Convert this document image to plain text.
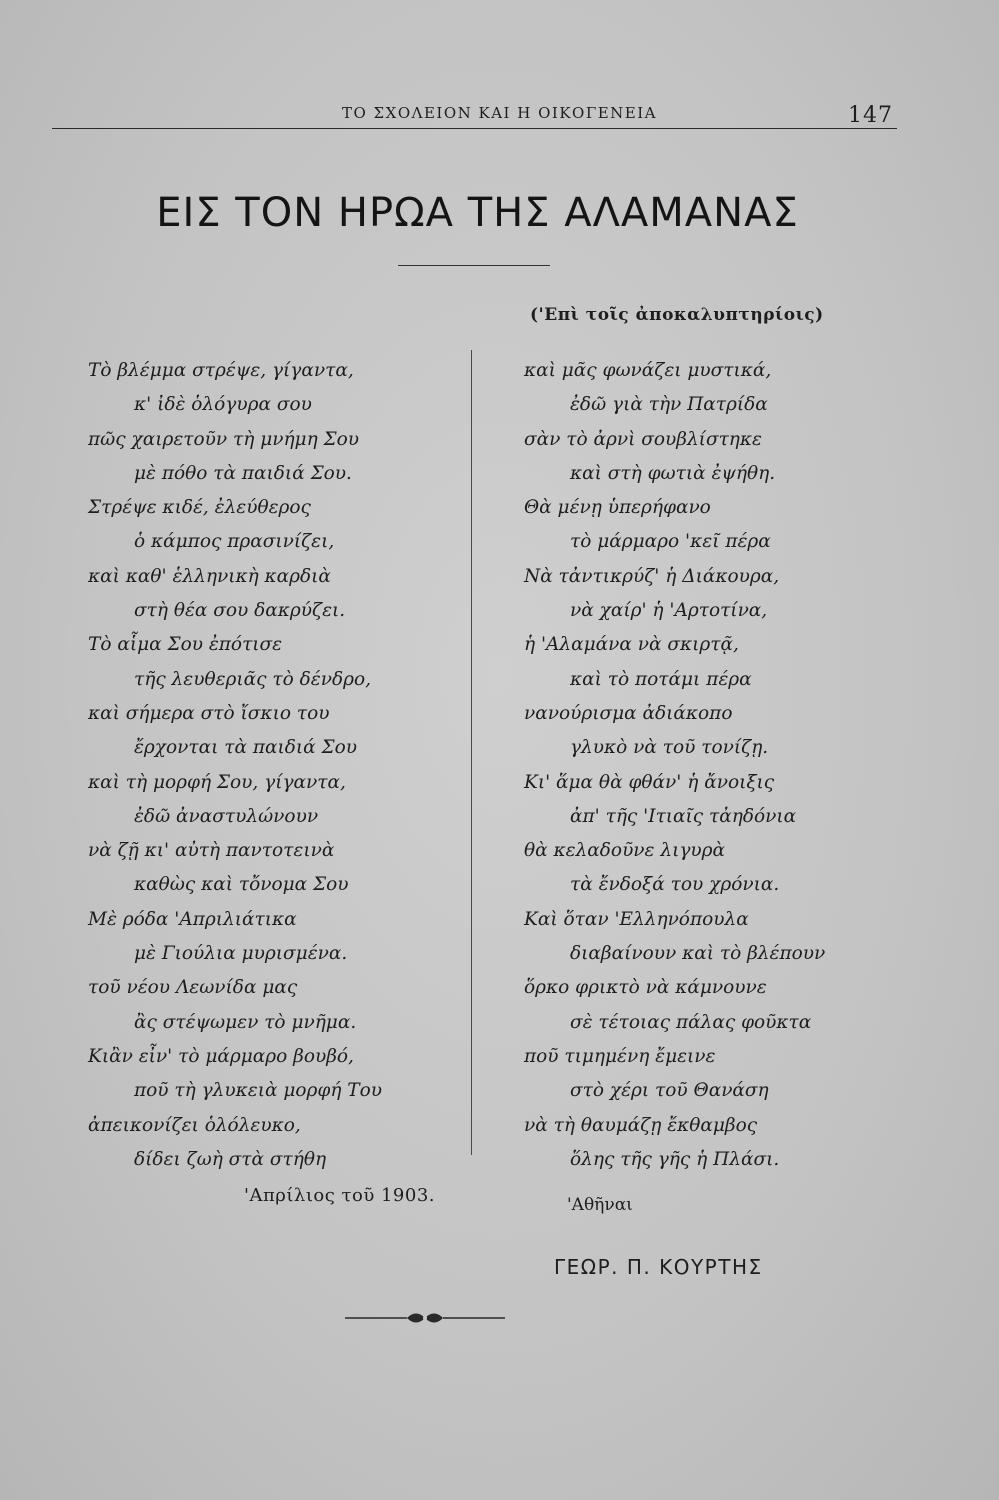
ΤΟ ΣΧΟΛΕΙΟΝ ΚΑΙ Η ΟΙΚΟΓΕΝΕΙΑ	147
ΕΙΣ ΤΟΝ ΗΡΩΑ ΤΗΣ ΑΛΑΜΑΝΑΣ
('Επὶ τοῖς ἀποκαλυπτηρίοις)
Τὸ βλέμμα στρέψε, γίγαντα,
κ' ἰδὲ ὁλόγυρα σου
πῶς χαιρετοῦν τὴ μνήμη Σου
μὲ πόθο τὰ παιδιά Σου.
Στρέψε κιδέ, ἐλεύθερος
ὁ κάμπος πρασινίζει,
καὶ καθ' ἑλληνικὴ καρδιὰ
στὴ θέα σου δακρύζει.
Τὸ αἷμα Σου ἐπότισε
τῆς λευθεριᾶς τὸ δένδρο,
καὶ σήμερα στὸ ἴσκιο του
ἔρχονται τὰ παιδιά Σου
καὶ τὴ μορφή Σου, γίγαντα,
ἐδῶ ἀναστυλώνουν
νὰ ζῇ κι' αὐτὴ παντοτεινὰ
καθὼς καὶ τὄνομα Σου
Μὲ ρόδα 'Απριλιάτικα
μὲ Γιούλια μυρισμένα.
τοῦ νέου Λεωνίδα μας
ἂς στέψωμεν τὸ μνῆμα.
Κιἂν εἶν' τὸ μάρμαρο βουβό,
ποῦ τὴ γλυκειὰ μορφή Του
ἀπεικονίζει ὁλόλευκο,
δίδει ζωὴ στὰ στήθη
καὶ μᾶς φωνάζει μυστικά,
ἐδῶ γιὰ τὴν Πατρίδα
σὰν τὸ ἀρνὶ σουβλίστηκε
καὶ στὴ φωτιὰ ἐψήθη.
Θὰ μένῃ ὑπερήφανο
τὸ μάρμαρο 'κεῖ πέρα
Νὰ τἀντικρύζ' ἡ Διάκουρα,
νὰ χαίρ' ἡ 'Αρτοτίνα,
ἡ 'Αλαμάνα νὰ σκιρτᾷ,
καὶ τὸ ποτάμι πέρα
νανούρισμα ἀδιάκοπο
γλυκὸ νὰ τοῦ τονίζῃ.
Κι' ἅμα θὰ φθάν' ἡ ἄνοιξις
ἀπ' τῆς 'Ιτιαῖς τἀηδόνια
θὰ κελαδοῦνε λιγυρὰ
τὰ ἔνδοξά του χρόνια.
Καὶ ὅταν 'Ελληνόπουλα
διαβαίνουν καὶ τὸ βλέπουν
ὅρκο φρικτὸ νὰ κάμνουνε
σὲ τέτοιας πάλας φοῦκτα
ποῦ τιμημένη ἔμεινε
στὸ χέρι τοῦ Θανάση
νὰ τὴ θαυμάζῃ ἔκθαμβος
ὅλης τῆς γῆς ἡ Πλάσι.
'Απρίλιος τοῦ 1903.	'Αθῆναι
ΓΕΩΡ. Π. ΚΟΥΡΤΗΣ
